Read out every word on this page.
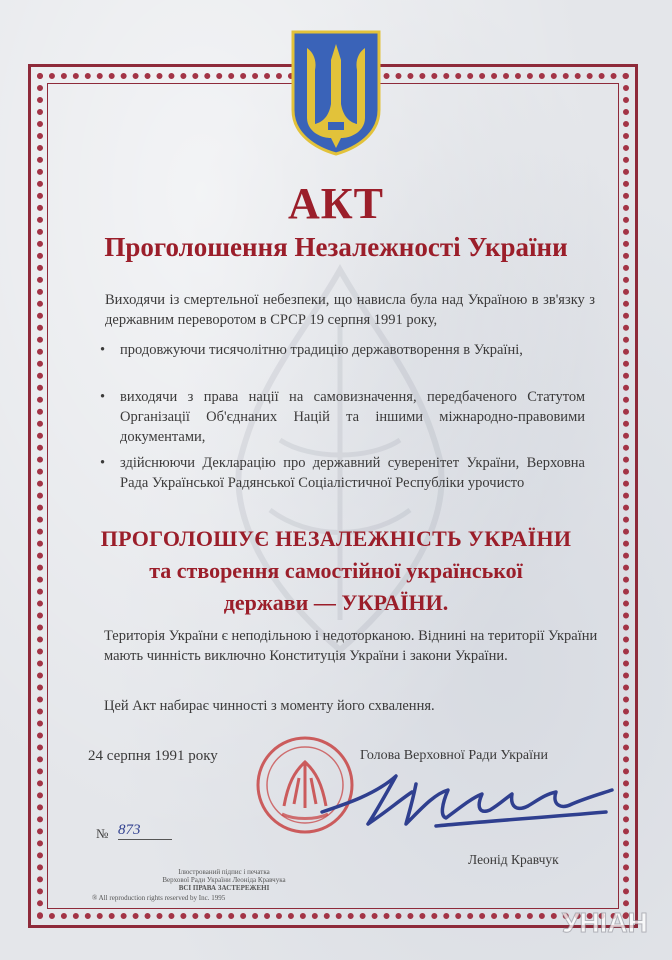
АКТ
Проголошення Незалежності України
Виходячи із смертельної небезпеки, що нависла була над Україною в зв'язку з державним переворотом в СРСР 19 серпня 1991 року,
• продовжуючи тисячолітню традицію державотворення в Україні,
• виходячи з права нації на самовизначення, передбаченого Статутом Організації Об'єднаних Націй та іншими міжнародно-правовими документами,
• здійснюючи Декларацію про державний суверенітет України, Верховна Рада Української Радянської Соціалістичної Республіки урочисто
ПРОГОЛОШУЄ НЕЗАЛЕЖНІСТЬ УКРАЇНИ
та створення самостійної української
держави — УКРАЇНИ.
Територія України є неподільною і недоторканою. Віднині на території України мають чинність виключно Конституція України і закони України.
Цей Акт набирає чинності з моменту його схвалення.
24 серпня 1991 року	Голова Верховної Ради України
№ 873
Леонід Кравчук
Ілюстрований підпис і печатка
Верхової Ради України Леоніда Кравчука
ВСІ ПРАВА ЗАСТЕРЕЖЕНІ
® All reproduction rights reserved by Inc. 1995
УНІАН
